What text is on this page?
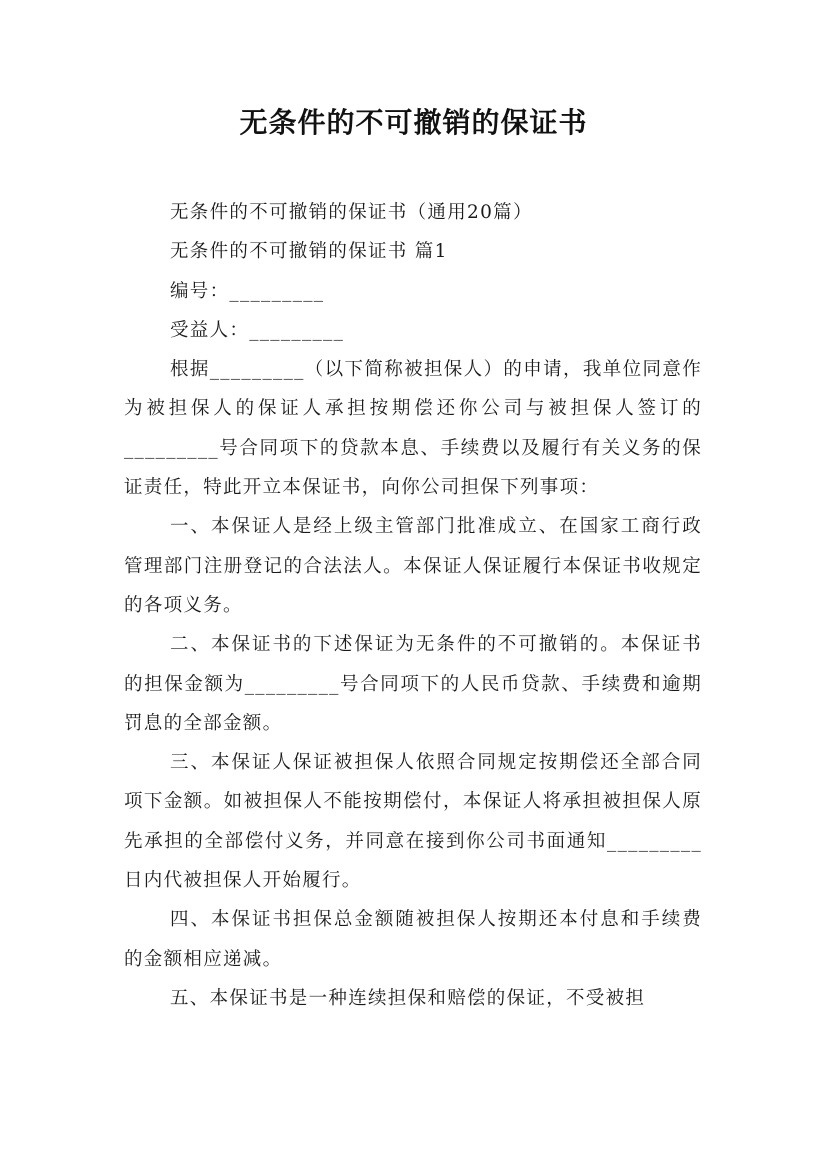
无条件的不可撤销的保证书

无条件的不可撤销的保证书（通用20篇）

无条件的不可撤销的保证书 篇1

编号：_________

受益人：_________

根据_________（以下简称被担保人）的申请，我单位同意作为被担保人的保证人承担按期偿还你公司与被担保人签订的_________号合同项下的贷款本息、手续费以及履行有关义务的保证责任，特此开立本保证书，向你公司担保下列事项：

一、本保证人是经上级主管部门批准成立、在国家工商行政管理部门注册登记的合法法人。本保证人保证履行本保证书收规定的各项义务。

二、本保证书的下述保证为无条件的不可撤销的。本保证书的担保金额为_________号合同项下的人民币贷款、手续费和逾期罚息的全部金额。

三、本保证人保证被担保人依照合同规定按期偿还全部合同项下金额。如被担保人不能按期偿付，本保证人将承担被担保人原先承担的全部偿付义务，并同意在接到你公司书面通知_________日内代被担保人开始履行。

四、本保证书担保总金额随被担保人按期还本付息和手续费的金额相应递减。

五、本保证书是一种连续担保和赔偿的保证，不受被担
